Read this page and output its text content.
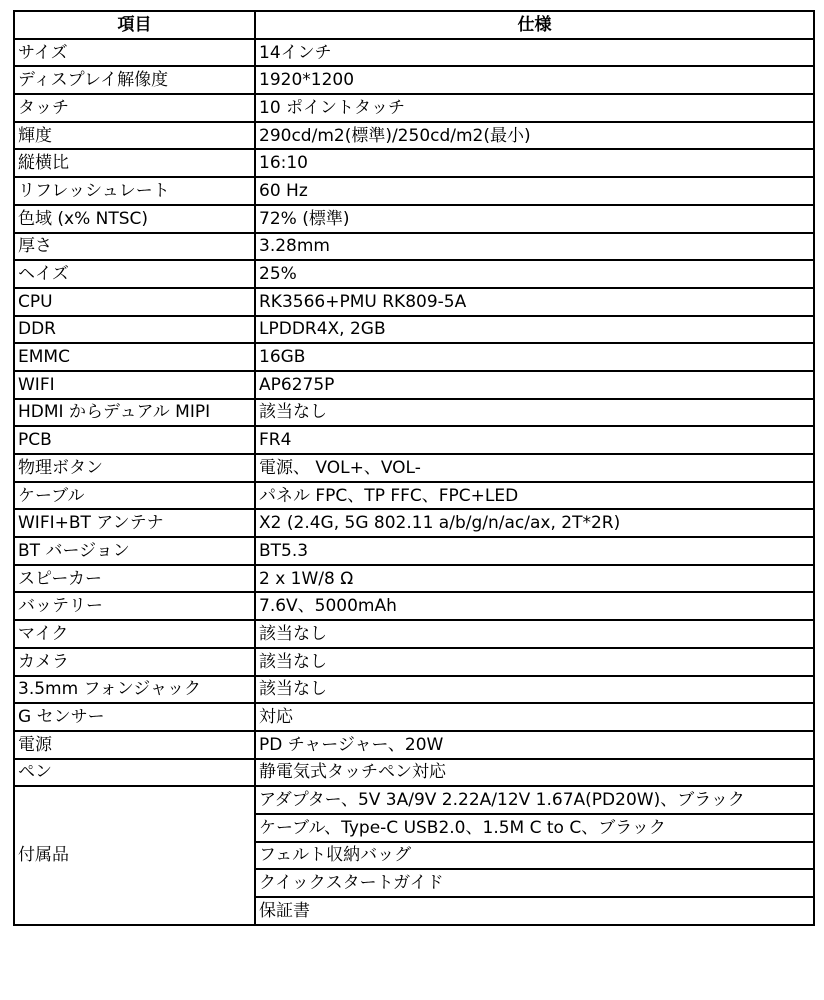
項目	仕様
サイズ	14インチ
ディスプレイ解像度	1920*1200
タッチ	10 ポイントタッチ
輝度	290cd/m2(標準)/250cd/m2(最小)
縦横比	16:10
リフレッシュレート	60 Hz
色域 (x% NTSC)	72% (標準)
厚さ	3.28mm
ヘイズ	25%
CPU	RK3566+PMU RK809-5A
DDR	LPDDR4X, 2GB
EMMC	16GB
WIFI	AP6275P
HDMI からデュアル MIPI	該当なし
PCB	FR4
物理ボタン	電源、 VOL+、VOL-
ケーブル	パネル FPC、TP FFC、FPC+LED
WIFI+BT アンテナ	X2 (2.4G, 5G 802.11 a/b/g/n/ac/ax, 2T*2R)
BT バージョン	BT5.3
スピーカー	2 x 1W/8 Ω
バッテリー	7.6V、5000mAh
マイク	該当なし
カメラ	該当なし
3.5mm フォンジャック	該当なし
G センサー	対応
電源	PD チャージャー、20W
ペン	静電気式タッチペン対応
付属品	アダプター、5V 3A/9V 2.22A/12V 1.67A(PD20W)、ブラック
	ケーブル、Type-C USB2.0、1.5M C to C、ブラック
	フェルト収納バッグ
	クイックスタートガイド
	保証書
